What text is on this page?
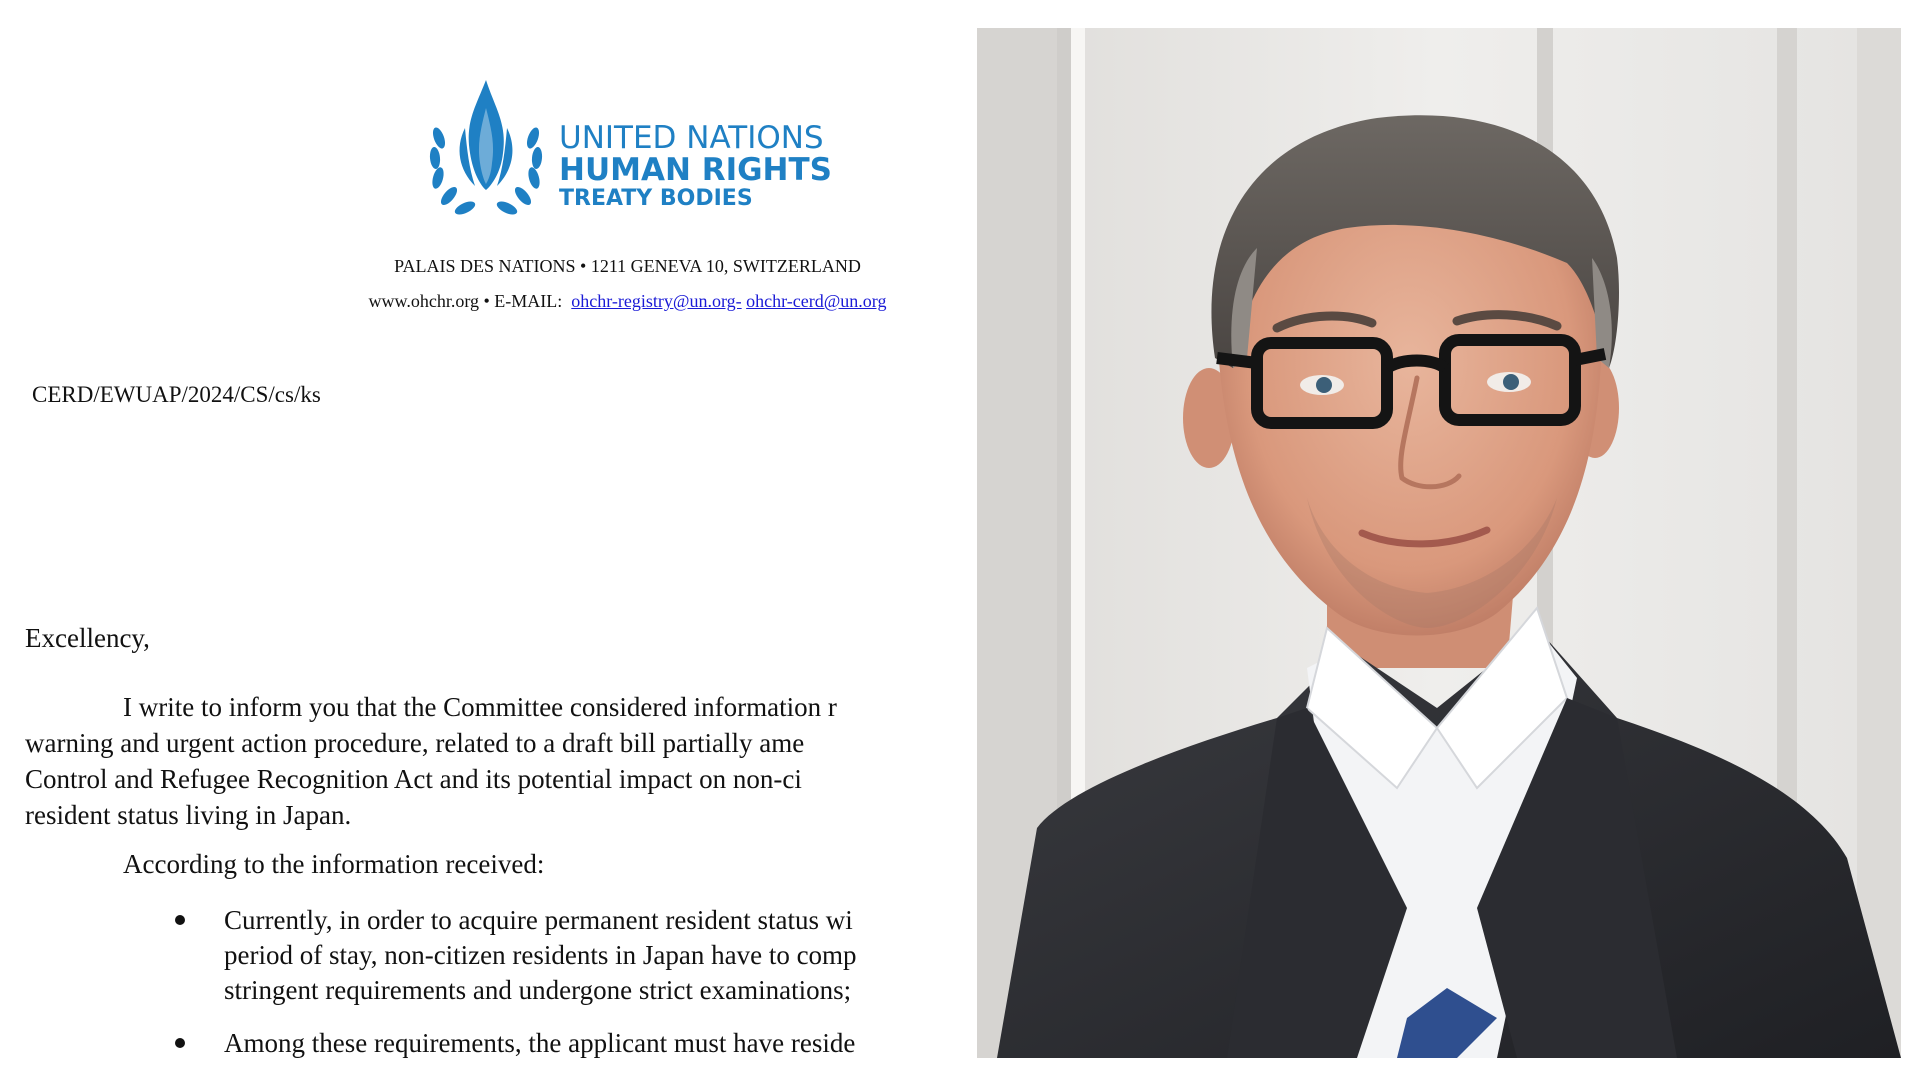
UNITED NATIONS
HUMAN RIGHTS
TREATY BODIES
PALAIS DES NATIONS • 1211 GENEVA 10, SWITZERLAND
www.ohchr.org • E-MAIL: ohchr-registry@un.org- ohchr-cerd@un.org
CERD/EWUAP/2024/CS/cs/ks
Excellency,
I write to inform you that the Committee considered information r
warning and urgent action procedure, related to a draft bill partially ame
Control and Refugee Recognition Act and its potential impact on non-ci
resident status living in Japan.
According to the information received:
Currently, in order to acquire permanent resident status wi
period of stay, non-citizen residents in Japan have to comp
stringent requirements and undergone strict examinations;
Among these requirements, the applicant must have reside
